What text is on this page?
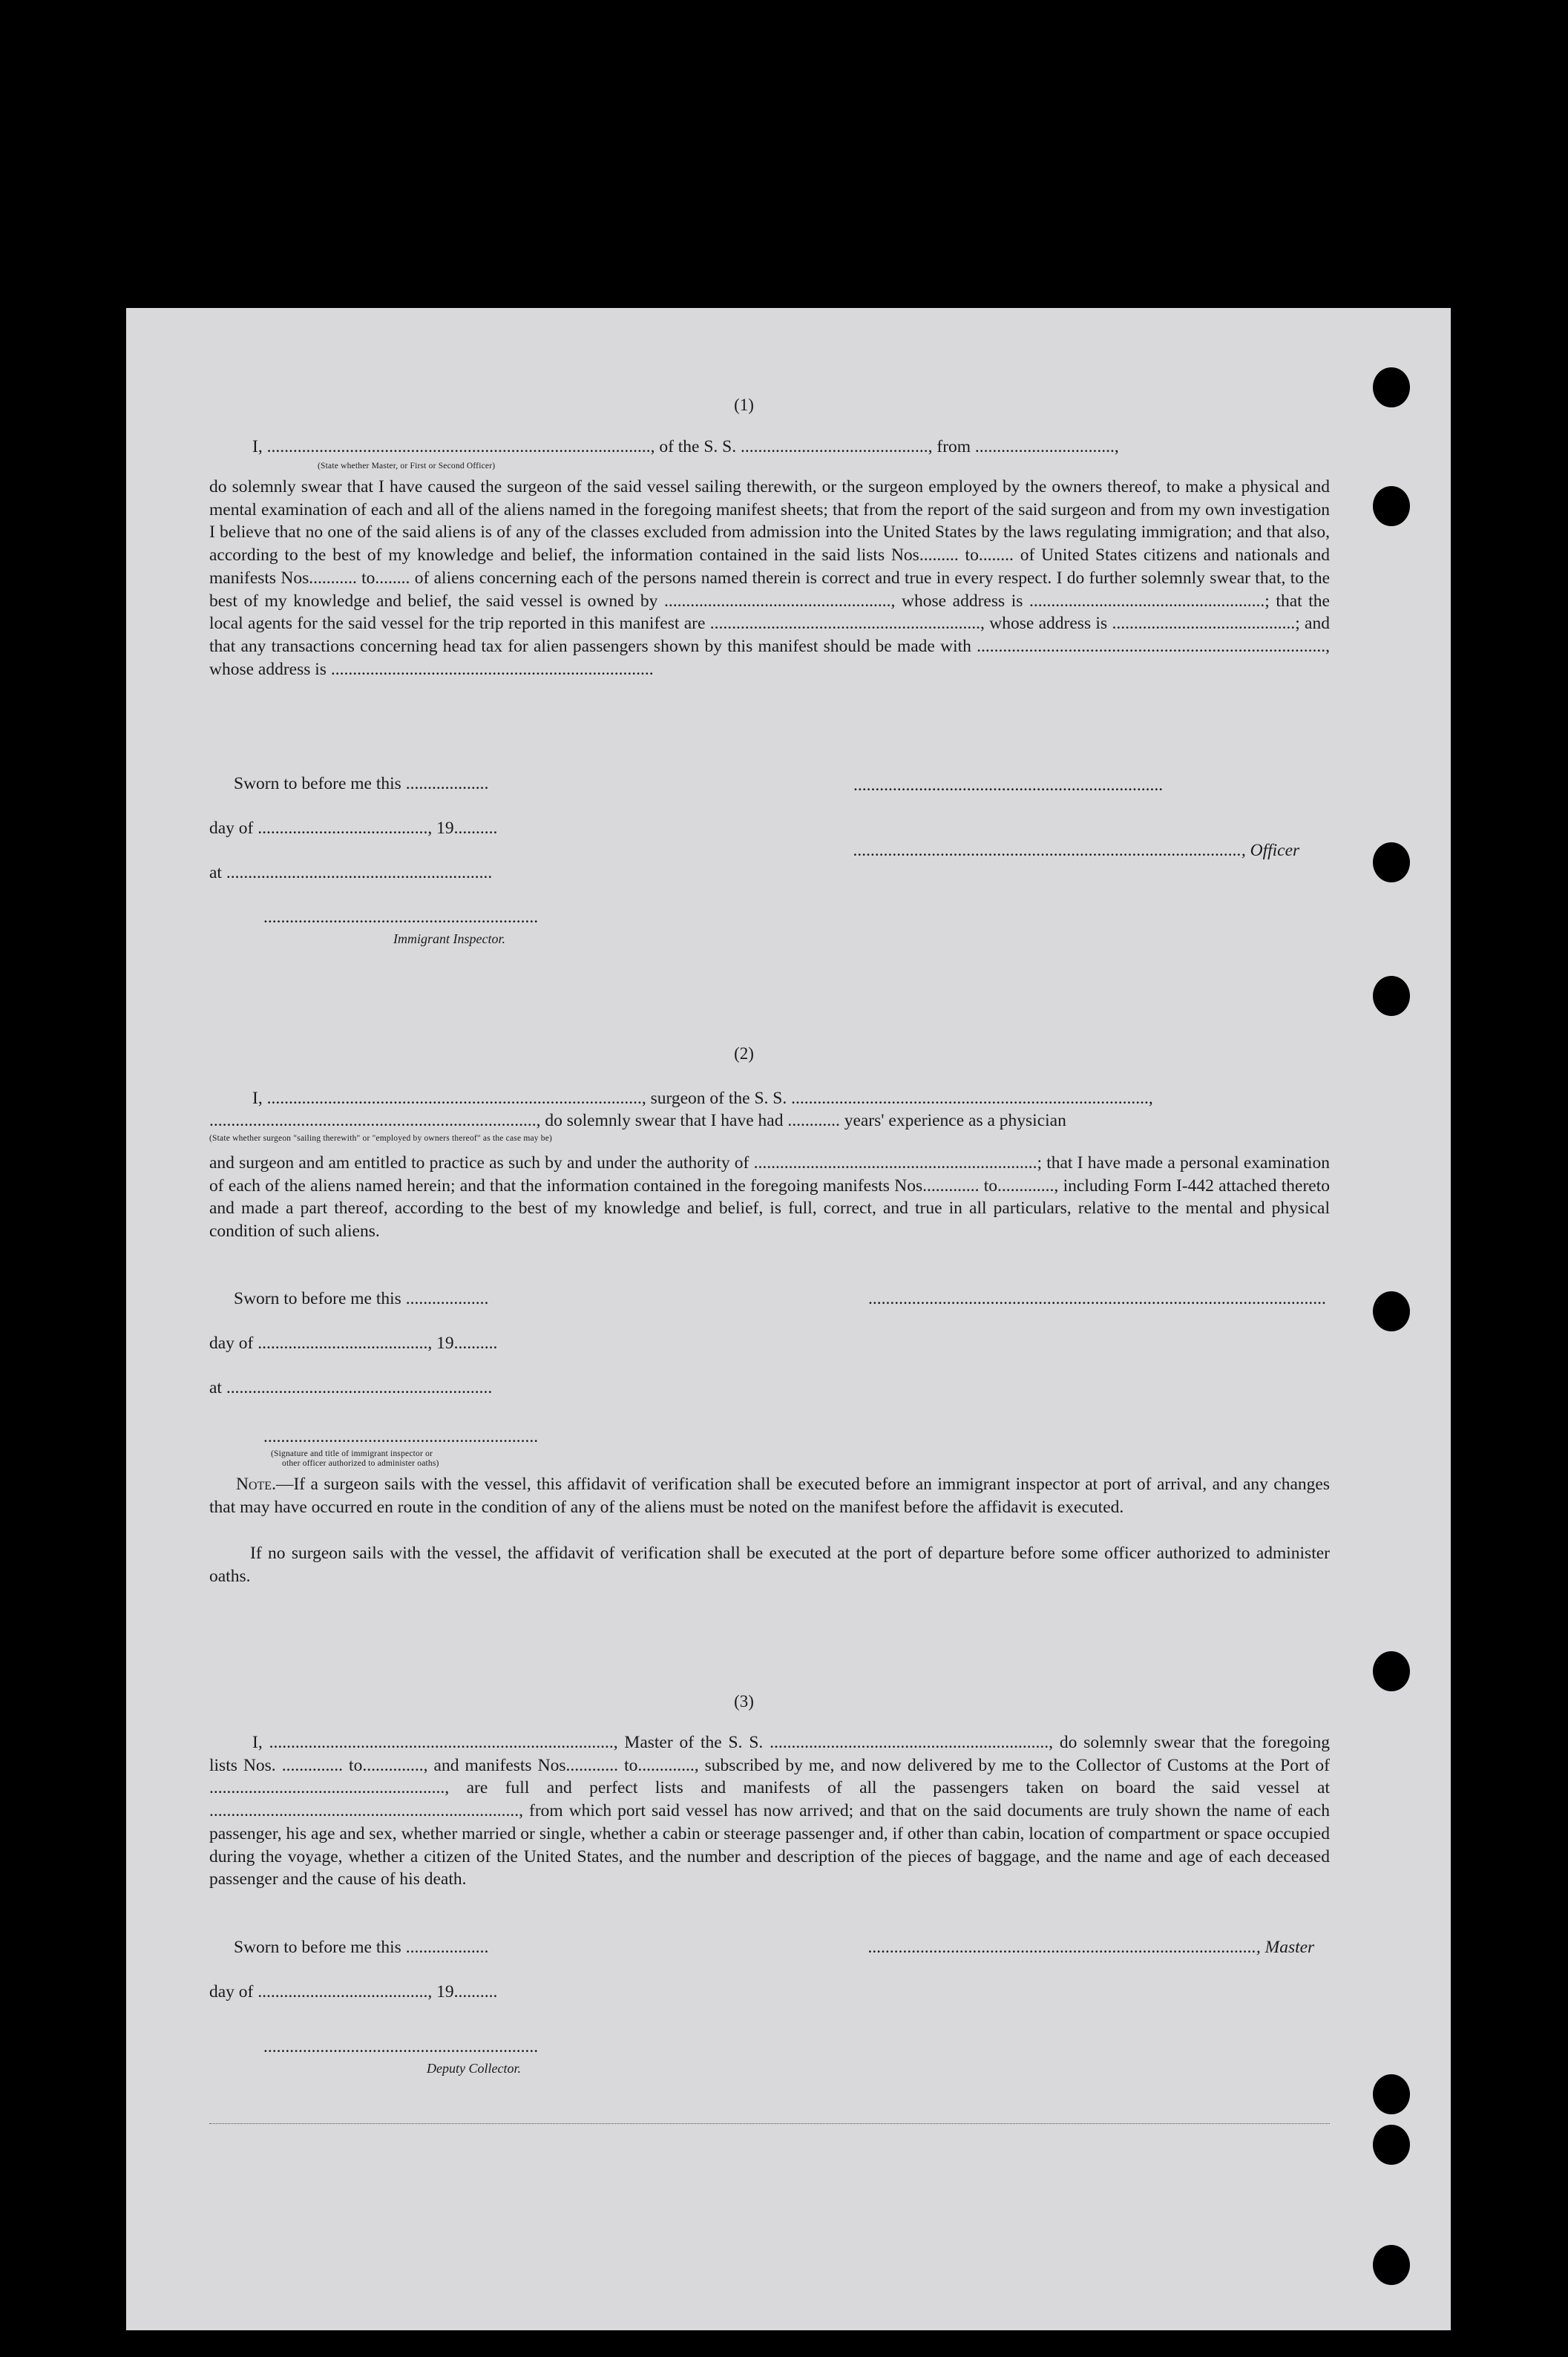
(1)
I, ........................................................................................, of the S. S. ..........................................., from ................................,
(State whether Master, or First or Second Officer)
do solemnly swear that I have caused the surgeon of the said vessel sailing therewith, or the surgeon employed by the owners thereof, to make a physical and mental examination of each and all of the aliens named in the foregoing manifest sheets; that from the report of the said surgeon and from my own investigation I believe that no one of the said aliens is of any of the classes excluded from admission into the United States by the laws regulating immigration; and that also, according to the best of my knowledge and belief, the information contained in the said lists Nos......... to........ of United States citizens and nationals and manifests Nos........... to........ of aliens concerning each of the persons named therein is correct and true in every respect. I do further solemnly swear that, to the best of my knowledge and belief, the said vessel is owned by ...................................................., whose address is ......................................................; that the local agents for the said vessel for the trip reported in this manifest are .............................................................., whose address is ..........................................; and that any transactions concerning head tax for alien passengers shown by this manifest should be made with ................................................................................, whose address is ..........................................................................
Sworn to before me this ...................
day of ......................................., 19..........
at .............................................................
...............................................................
Immigrant Inspector.
.......................................................................
........................................................................................., Officer
(2)
I, ......................................................................................, surgeon of the S. S. ..................................................................................,
..........................................................................., do solemnly swear that I have had ............ years' experience as a physician
(State whether surgeon "sailing therewith" or "employed by owners thereof" as the case may be)
and surgeon and am entitled to practice as such by and under the authority of .................................................................; that I have made a personal examination of each of the aliens named herein; and that the information contained in the foregoing manifests Nos............. to............., including Form I-442 attached thereto and made a part thereof, according to the best of my knowledge and belief, is full, correct, and true in all particulars, relative to the mental and physical condition of such aliens.
Sworn to before me this ...................	.........................................................................................................
day of ......................................., 19..........
at .............................................................
...............................................................
(Signature and title of immigrant inspector or
other officer authorized to administer oaths)
Note.—If a surgeon sails with the vessel, this affidavit of verification shall be executed before an immigrant inspector at port of arrival, and any changes that may have occurred en route in the condition of any of the aliens must be noted on the manifest before the affidavit is executed.
If no surgeon sails with the vessel, the affidavit of verification shall be executed at the port of departure before some officer authorized to administer oaths.
(3)
I, ..............................................................................., Master of the S. S. ................................................................, do solemnly swear that the foregoing lists Nos. .............. to.............., and manifests Nos............ to............., subscribed by me, and now delivered by me to the Collector of Customs at the Port of ......................................................, are full and perfect lists and manifests of all the passengers taken on board the said vessel at ......................................................................., from which port said vessel has now arrived; and that on the said documents are truly shown the name of each passenger, his age and sex, whether married or single, whether a cabin or steerage passenger and, if other than cabin, location of compartment or space occupied during the voyage, whether a citizen of the United States, and the number and description of the pieces of baggage, and the name and age of each deceased passenger and the cause of his death.
Sworn to before me this ...................	........................................................................................., Master
day of ......................................., 19..........
...............................................................
Deputy Collector.
